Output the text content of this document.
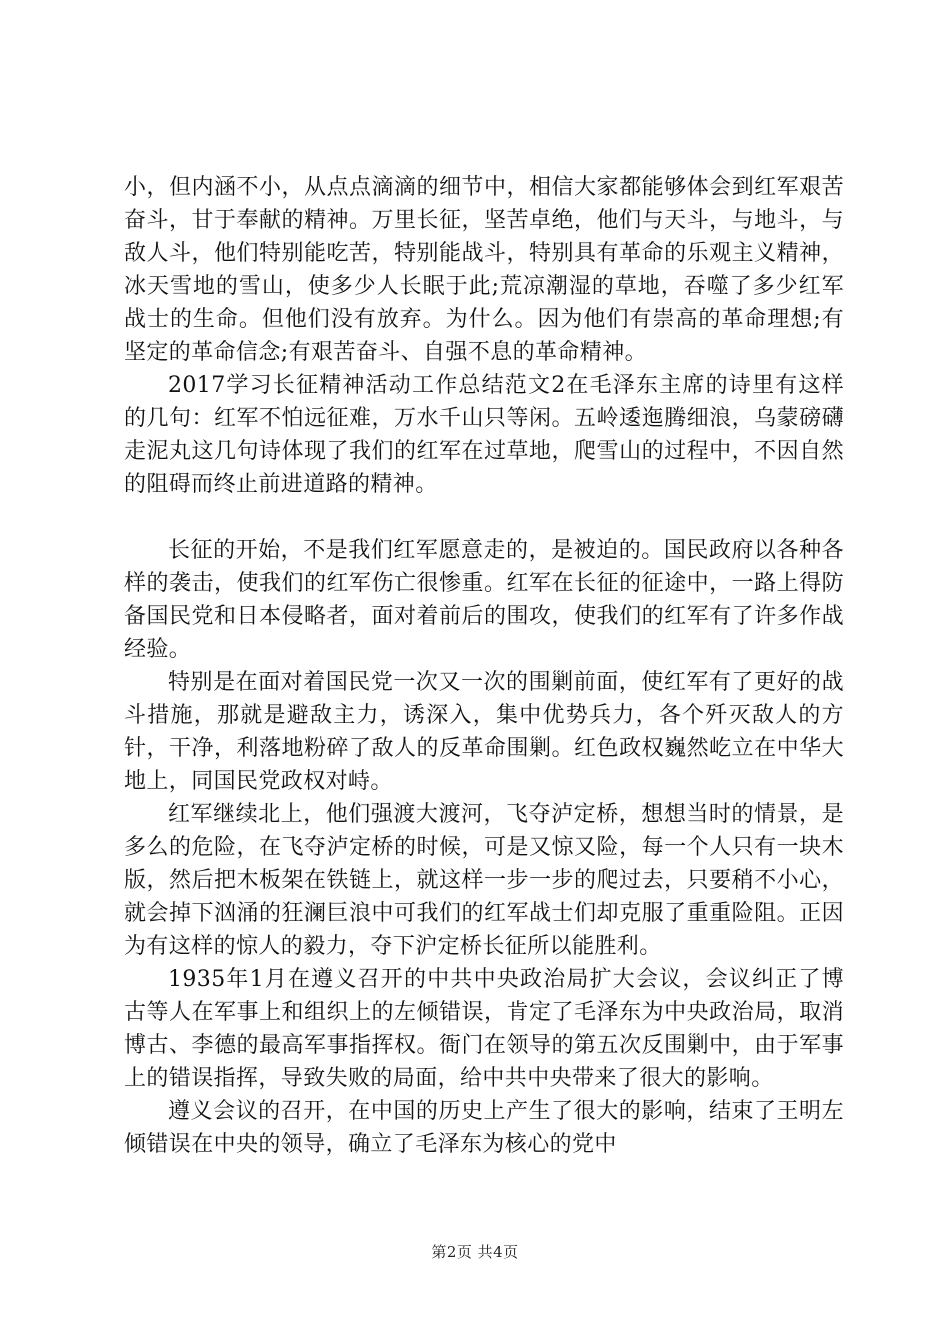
小，但内涵不小，从点点滴滴的细节中，相信大家都能够体会到红军艰苦奋斗，甘于奉献的精神。万里长征，坚苦卓绝，他们与天斗，与地斗，与敌人斗，他们特别能吃苦，特别能战斗，特别具有革命的乐观主义精神，冰天雪地的雪山，使多少人长眠于此;荒凉潮湿的草地，吞噬了多少红军战士的生命。但他们没有放弃。为什么。因为他们有崇高的革命理想;有坚定的革命信念;有艰苦奋斗、自强不息的革命精神。

2017学习长征精神活动工作总结范文2在毛泽东主席的诗里有这样的几句：红军不怕远征难，万水千山只等闲。五岭逶迤腾细浪，乌蒙磅礴走泥丸这几句诗体现了我们的红军在过草地，爬雪山的过程中，不因自然的阻碍而终止前进道路的精神。

长征的开始，不是我们红军愿意走的，是被迫的。国民政府以各种各样的袭击，使我们的红军伤亡很惨重。红军在长征的征途中，一路上得防备国民党和日本侵略者，面对着前后的围攻，使我们的红军有了许多作战经验。

特别是在面对着国民党一次又一次的围剿前面，使红军有了更好的战斗措施，那就是避敌主力，诱深入，集中优势兵力，各个歼灭敌人的方针，干净，利落地粉碎了敌人的反革命围剿。红色政权巍然屹立在中华大地上，同国民党政权对峙。

红军继续北上，他们强渡大渡河，飞夺泸定桥，想想当时的情景，是多么的危险，在飞夺泸定桥的时候，可是又惊又险，每一个人只有一块木版，然后把木板架在铁链上，就这样一步一步的爬过去，只要稍不小心，就会掉下汹涌的狂澜巨浪中可我们的红军战士们却克服了重重险阻。正因为有这样的惊人的毅力，夺下沪定桥长征所以能胜利。

1935年1月在遵义召开的中共中央政治局扩大会议，会议纠正了博古等人在军事上和组织上的左倾错误，肯定了毛泽东为中央政治局，取消博古、李德的最高军事指挥权。衙门在领导的第五次反围剿中，由于军事上的错误指挥，导致失败的局面，给中共中央带来了很大的影响。

遵义会议的召开，在中国的历史上产生了很大的影响，结束了王明左倾错误在中央的领导，确立了毛泽东为核心的党中

第2页 共4页
